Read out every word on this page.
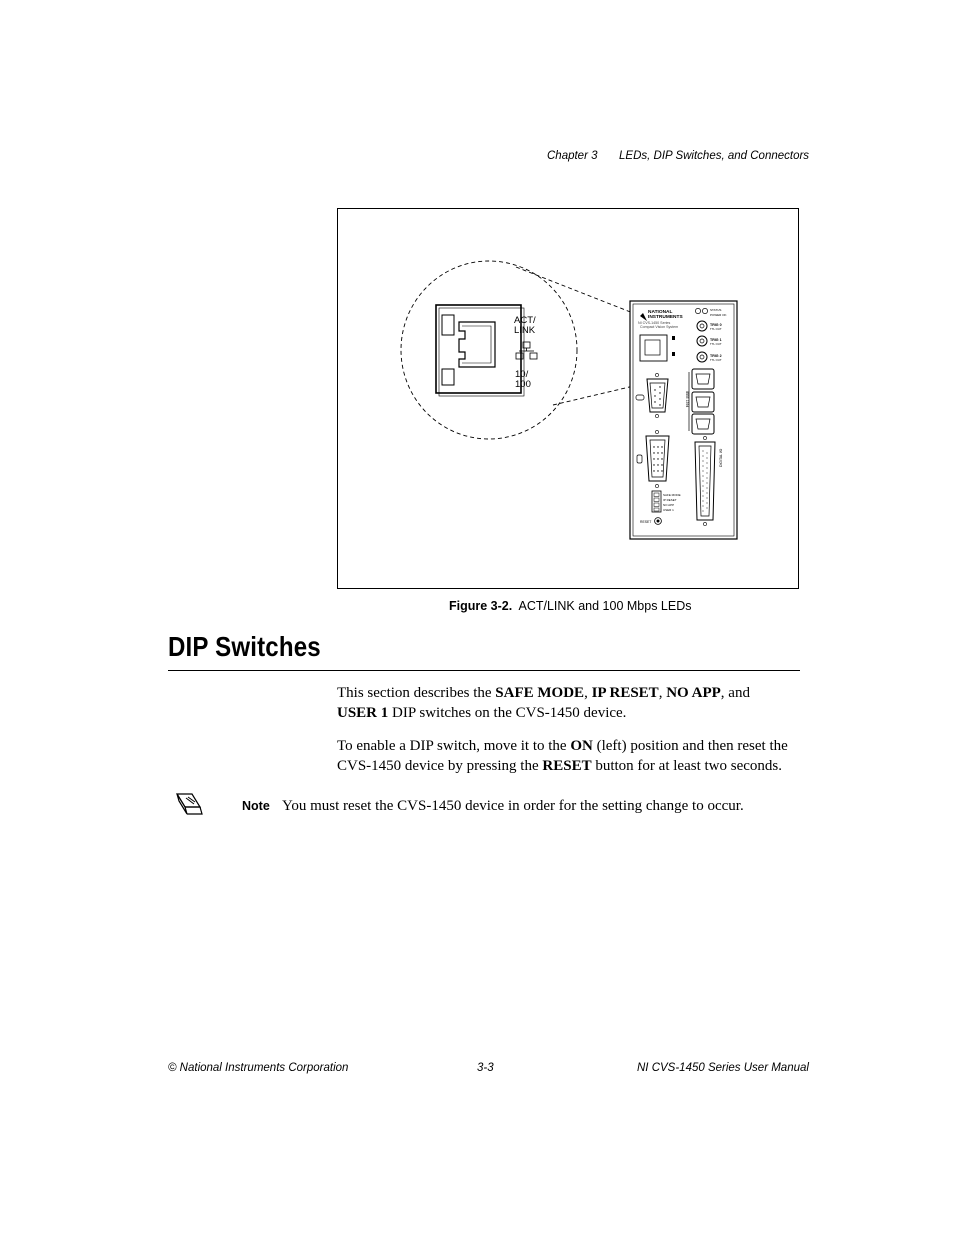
Chapter 3 LEDs, DIP Switches, and Connectors
ACT/
LINK
10/
100
NATIONAL
INSTRUMENTS
NI CVS-1450 Series
Compact Vision System
STATUS
POWER OK
TRIG 0
TTL OUT
TRIG 1
TTL OUT
TRIG 2
TTL OUT
IEEE 1394
DIGITAL I/O
SAFE MODE
IP RESET
NO APP
USER 1
RESET
Figure 3-2. ACT/LINK and 100 Mbps LEDs
DIP Switches

This section describes the SAFE MODE, IP RESET, NO APP, and
USER 1 DIP switches on the CVS-1450 device.

To enable a DIP switch, move it to the ON (left) position and then reset the CVS-1450 device by pressing the RESET button for at least two seconds.

Note You must reset the CVS-1450 device in order for the setting change to occur.
© National Instruments Corporation	3-3	NI CVS-1450 Series User Manual
